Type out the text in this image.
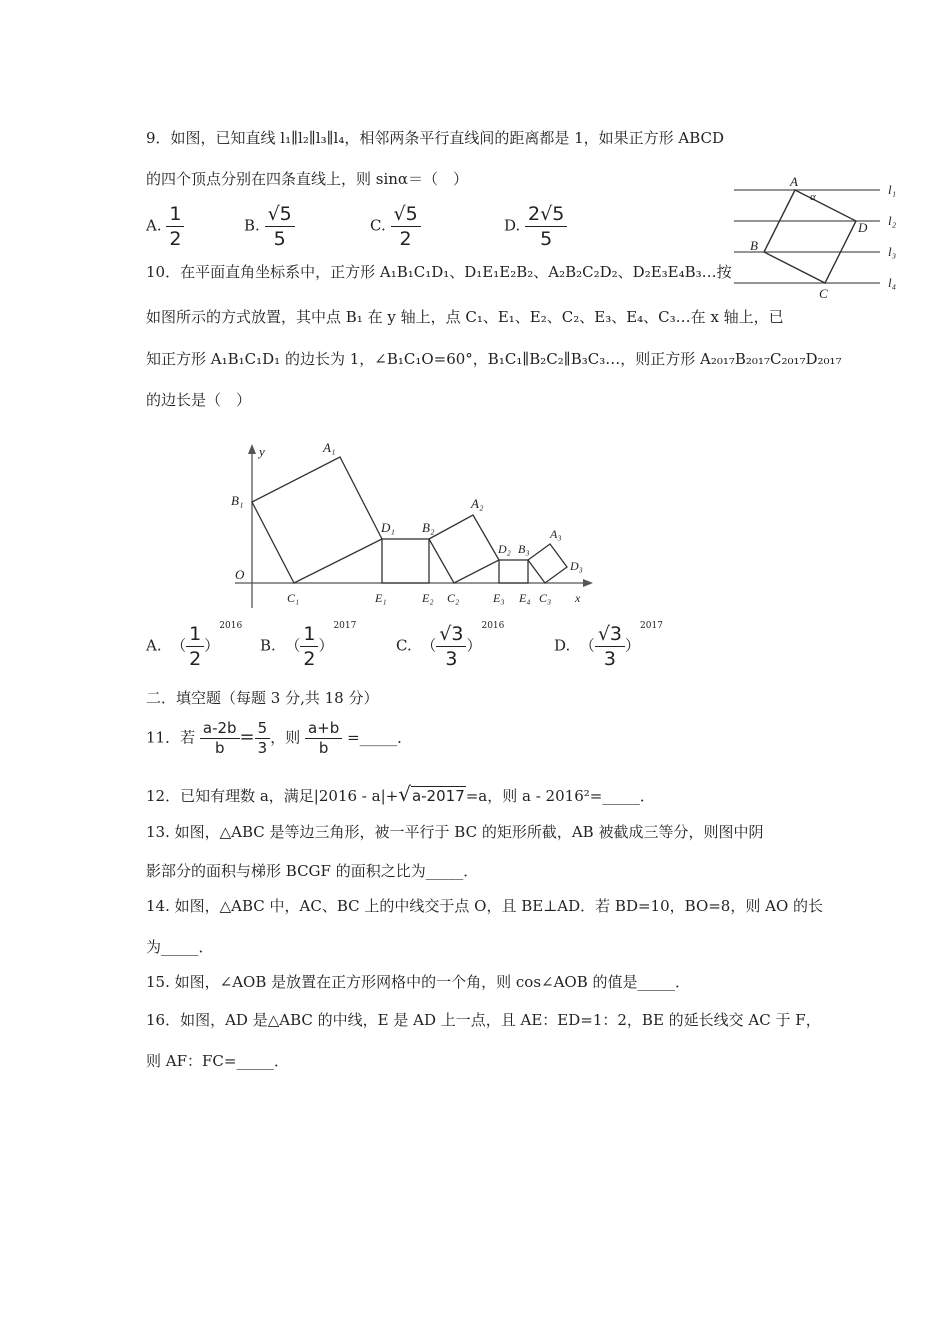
9．如图，已知直线 l₁∥l₂∥l₃∥l₄，相邻两条平行直线间的距离都是 1，如果正方形 ABCD
的四个顶点分别在四条直线上，则 sinα＝（　）
A. $\frac{1}{2}$	B. $\frac{√5}{5}$	C. $\frac{√5}{2}$	D. $\frac{2√5}{5}$
A
α
D
B
C
l₁
l₂
l₃
l₄
10．在平面直角坐标系中，正方形 A₁B₁C₁D₁、D₁E₁E₂B₂、A₂B₂C₂D₂、D₂E₃E₄B₃…按
如图所示的方式放置，其中点 B₁ 在 y 轴上，点 C₁、E₁、E₂、C₂、E₃、E₄、C₃…在 x 轴上，已
知正方形 A₁B₁C₁D₁ 的边长为 1，∠B₁C₁O=60°，B₁C₁∥B₂C₂∥B₃C₃…，则正方形 A₂₀₁₇B₂₀₁₇C₂₀₁₇D₂₀₁₇
的边长是（　）
y	A₁
B₁
D₁ B₂
A₂
D₂ B₃
A₃
D₃
O
C₁	E₁	E₂ C₂	E₃ E₄ C₃ x
A.  （ $\frac{1}{2} )^{2016}$
B.  （ $\frac{1}{2} )^{2017}$
C.  （ $\frac{√3}{3} )^{2016}$
D.  （ $\frac{√3}{3} )^{2017}$
二．填空题（每题 3 分,共 18 分）
11．若 $\frac{a-2b}{b} = \frac{5}{3}$ ，则 $\frac{a+b}{b}$ =_____．
12．已知有理数 a，满足|2016 - a|+√a-2017=a，则 a - 2016²=_____．
13. 如图，△ABC 是等边三角形，被一平行于 BC 的矩形所截，AB 被截成三等分，则图中阴
影部分的面积与梯形 BCGF 的面积之比为_____．
14. 如图，△ABC 中，AC、BC 上的中线交于点 O，且 BE⊥AD．若 BD=10，BO=8，则 AO 的长
为_____．
15. 如图，∠AOB 是放置在正方形网格中的一个角，则 cos∠AOB 的值是_____．
16．如图，AD 是△ABC 的中线，E 是 AD 上一点，且 AE：ED=1：2，BE 的延长线交 AC 于 F，
则 AF：FC=_____．
